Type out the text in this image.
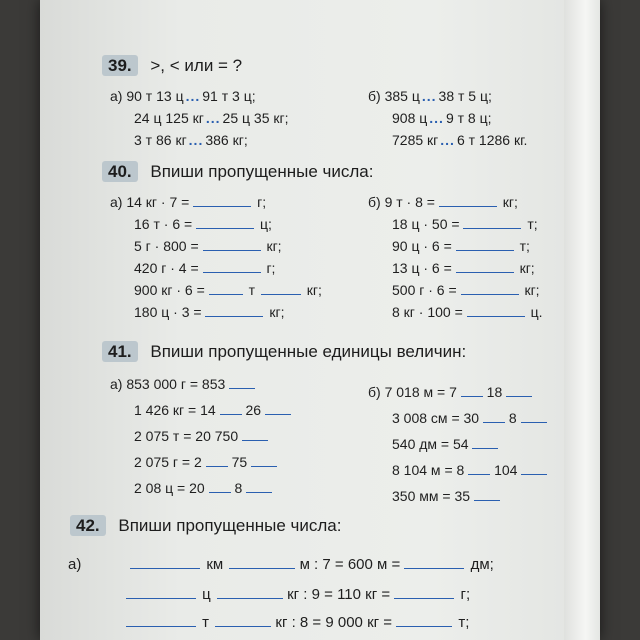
39. >, < или = ?
а) 90 т 13 ц ... 91 т 3 ц;
24 ц 125 кг ... 25 ц 35 кг;
3 т 86 кг ... 386 кг;
б) 385 ц ... 38 т 5 ц;
908 ц ... 9 т 8 ц;
7285 кг ... 6 т 1286 кг.
40. Впиши пропущенные числа:
а) 14 кг · 7 =	г;
16 т · 6 =	ц;
5 г · 800 =	кг;
420 г · 4 =	г;
900 кг · 6 =	т	кг;
180 ц · 3 =	кг;
б) 9 т · 8 =	кг;
18 ц · 50 =	т;
90 ц · 6 =	т;
13 ц · 6 =	кг;
500 г · 6 =	кг;
8 кг · 100 =	ц.
41. Впиши пропущенные единицы величин:
а) 853 000 г = 853
1 426 кг = 14 26
2 075 т = 20 750
2 075 г = 2 75
2 08 ц = 20 8
б) 7 018 м = 7 18
3 008 см = 30 8
540 дм = 54
8 104 м = 8 104
350 мм = 35
42. Впиши пропущенные числа:
а)	км	м : 7 = 600 м =	дм;
ц	кг : 9 = 110 кг =	г;
т	кг : 8 = 9 000 кг =	т;
